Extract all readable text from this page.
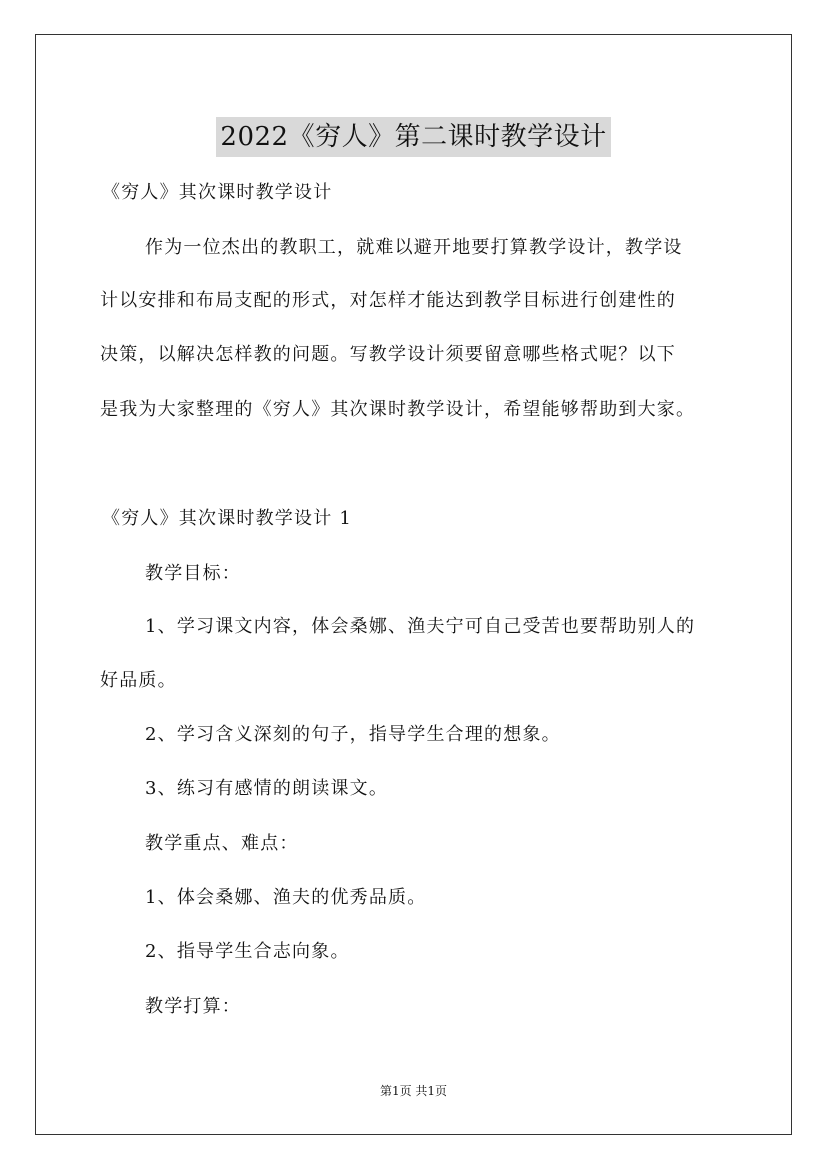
2022《穷人》第二课时教学设计
《穷人》其次课时教学设计
作为一位杰出的教职工，就难以避开地要打算教学设计，教学设
计以安排和布局支配的形式，对怎样才能达到教学目标进行创建性的
决策，以解决怎样教的问题。写教学设计须要留意哪些格式呢？以下
是我为大家整理的《穷人》其次课时教学设计，希望能够帮助到大家。
《穷人》其次课时教学设计 1
教学目标：
1、学习课文内容，体会桑娜、渔夫宁可自己受苦也要帮助别人的
好品质。
2、学习含义深刻的句子，指导学生合理的想象。
3、练习有感情的朗读课文。
教学重点、难点：
1、体会桑娜、渔夫的优秀品质。
2、指导学生合志向象。
教学打算：
第1页 共1页
